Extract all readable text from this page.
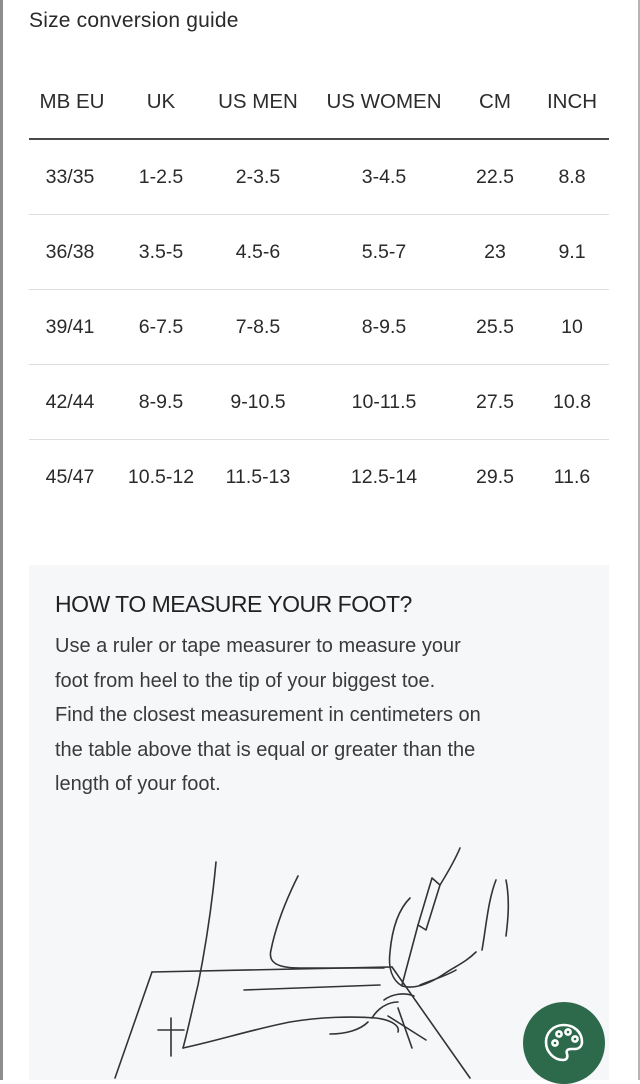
Size conversion guide
MB EU	UK	US MEN	US WOMEN	CM	INCH
33/35	1-2.5	2-3.5	3-4.5	22.5	8.8
36/38	3.5-5	4.5-6	5.5-7	23	9.1
39/41	6-7.5	7-8.5	8-9.5	25.5	10
42/44	8-9.5	9-10.5	10-11.5	27.5	10.8
45/47	10.5-12	11.5-13	12.5-14	29.5	11.6
HOW TO MEASURE YOUR FOOT?
Use a ruler or tape measurer to measure your
foot from heel to the tip of your biggest toe.
Find the closest measurement in centimeters on
the table above that is equal or greater than the
length of your foot.
